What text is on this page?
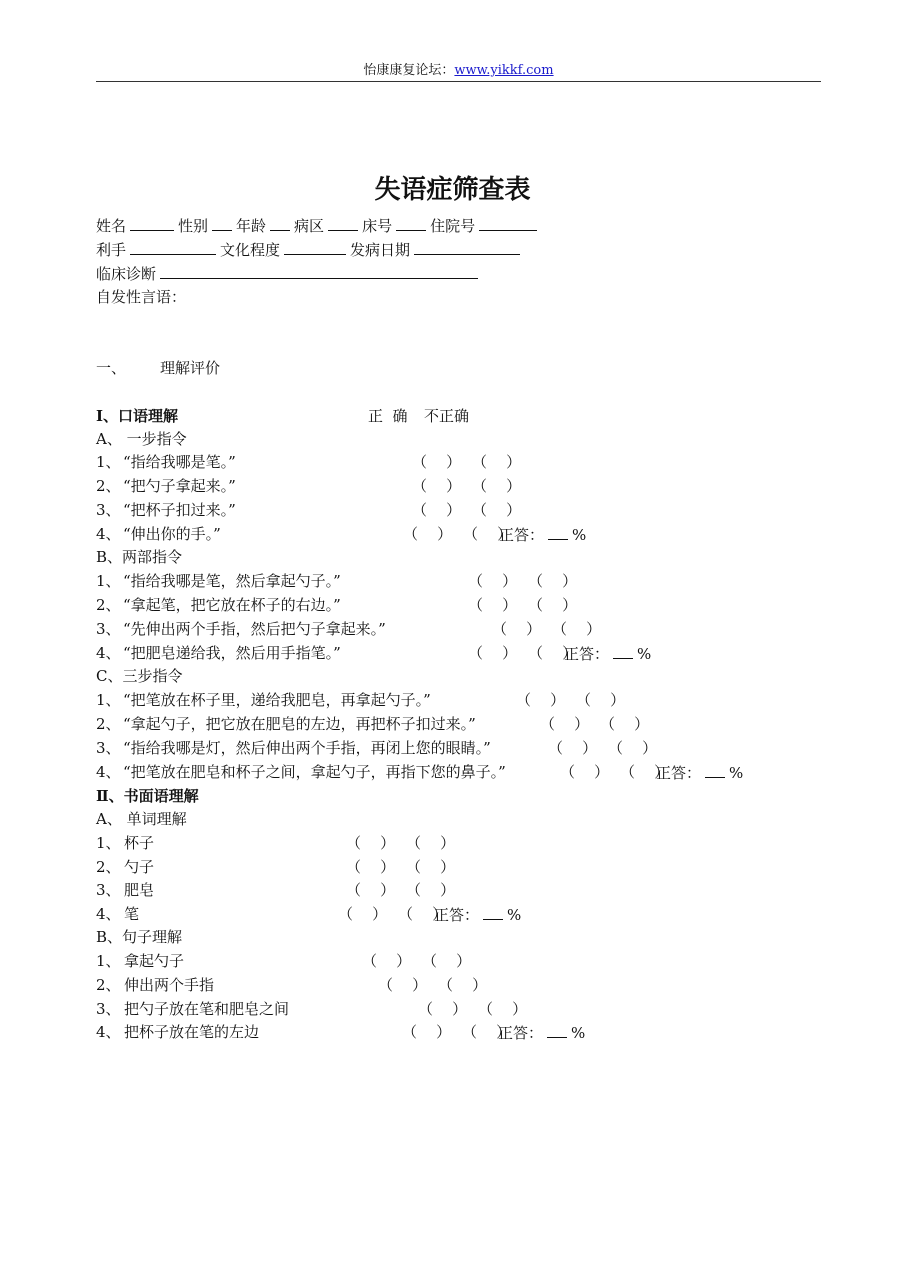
怡康康复论坛：www.yikkf.com
失语症筛查表
姓名	性别 年龄 病区	床号	住院号
利手	文化程度	发病日期
临床诊断
自发性言语：
一、 理解评价
Ⅰ、口语理解	正  确 不正确
A、 一步指令
1、 “指给我哪是笔。”	（    ） （    ）
2、 “把勺子拿起来。”	（    ） （    ）
3、 “把杯子扣过来。”	（    ） （    ）
4、 “伸出你的手。”	（    ） （    ）
正答： %
B、两部指令
1、 “指给我哪是笔，然后拿起勺子。”	（    ） （    ）
2、 “拿起笔，把它放在杯子的右边。”	（    ） （    ）
3、 “先伸出两个手指，然后把勺子拿起来。”	（    ） （    ）
4、 “把肥皂递给我，然后用手指笔。”	（    ） （    ）
正答： %
C、三步指令
1、 “把笔放在杯子里，递给我肥皂，再拿起勺子。”	（    ） （    ）
2、 “拿起勺子，把它放在肥皂的左边，再把杯子扣过来。”	（    ） （    ）
3、 “指给我哪是灯，然后伸出两个手指，再闭上您的眼睛。”	（    ） （    ）
4、 “把笔放在肥皂和杯子之间，拿起勺子，再指下您的鼻子。”	（    ） （    ）
正答： %
Ⅱ、书面语理解
A、 单词理解
1、 杯子	（    ） （    ）
2、 勺子	（    ） （    ）
3、 肥皂	（    ） （    ）
4、 笔	（    ） （    ）
正答： %
B、句子理解
1、 拿起勺子	（    ） （    ）
2、 伸出两个手指	（    ） （    ）
3、 把勺子放在笔和肥皂之间	（    ） （    ）
4、 把杯子放在笔的左边	（    ） （    ）
正答： %
